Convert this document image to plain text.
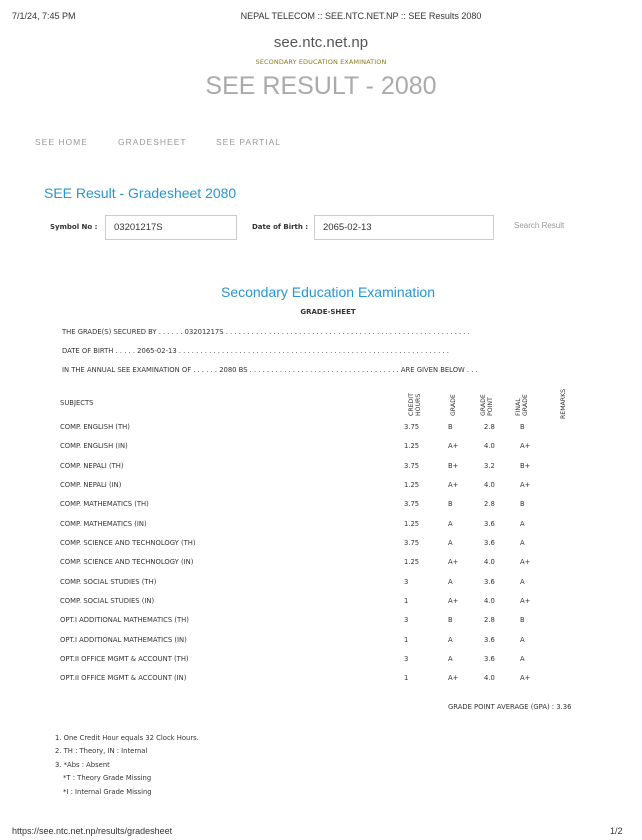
7/1/24, 7:45 PM	NEPAL TELECOM :: SEE.NTC.NET.NP :: SEE Results 2080
see.ntc.net.np
SECONDARY EDUCATION EXAMINATION
SEE RESULT - 2080
SEE HOME	GRADESHEET	SEE PARTIAL
SEE Result - Gradesheet 2080
Symbol No :
03201217S	Date of Birth :
2065-02-13	Search Result
Secondary Education Examination
GRADE-SHEET
THE GRADE(S) SECURED BY . . . . . . 03201217S . . . . . . . . . . . . . . . . . . . . . . . . . . . . . . . . . . . . . . . . . . . . . . . . . . . . . . . . .
DATE OF BIRTH . . . . . 2065-02-13 . . . . . . . . . . . . . . . . . . . . . . . . . . . . . . . . . . . . . . . . . . . . . . . . . . . . . . . . . . . . . . .
IN THE ANNUAL SEE EXAMINATION OF . . . . . . 2080 BS . . . . . . . . . . . . . . . . . . . . . . . . . . . . . . . . . . . ARE GIVEN BELOW . . .
SUBJECTS	CREDIT HOURS	GRADE	GRADE POINT	FINAL GRADE	REMARKS
COMP. ENGLISH (TH)	3.75	B	2.8	B
COMP. ENGLISH (IN)	1.25	A+	4.0	A+
COMP. NEPALI (TH)	3.75	B+	3.2	B+
COMP. NEPALI (IN)	1.25	A+	4.0	A+
COMP. MATHEMATICS (TH)	3.75	B	2.8	B
COMP. MATHEMATICS (IN)	1.25	A	3.6	A
COMP. SCIENCE AND TECHNOLOGY (TH)	3.75	A	3.6	A
COMP. SCIENCE AND TECHNOLOGY (IN)	1.25	A+	4.0	A+
COMP. SOCIAL STUDIES (TH)	3	A	3.6	A
COMP. SOCIAL STUDIES (IN)	1	A+	4.0	A+
OPT.I ADDITIONAL MATHEMATICS (TH)	3	B	2.8	B
OPT.I ADDITIONAL MATHEMATICS (IN)	1	A	3.6	A
OPT.II OFFICE MGMT & ACCOUNT (TH)	3	A	3.6	A
OPT.II OFFICE MGMT & ACCOUNT (IN)	1	A+	4.0	A+
GRADE POINT AVERAGE (GPA) : 3.36
1. One Credit Hour equals 32 Clock Hours.
2. TH : Theory, IN : Internal
3. *Abs : Absent
*T : Theory Grade Missing
*I : Internal Grade Missing
https://see.ntc.net.np/results/gradesheet	1/2
